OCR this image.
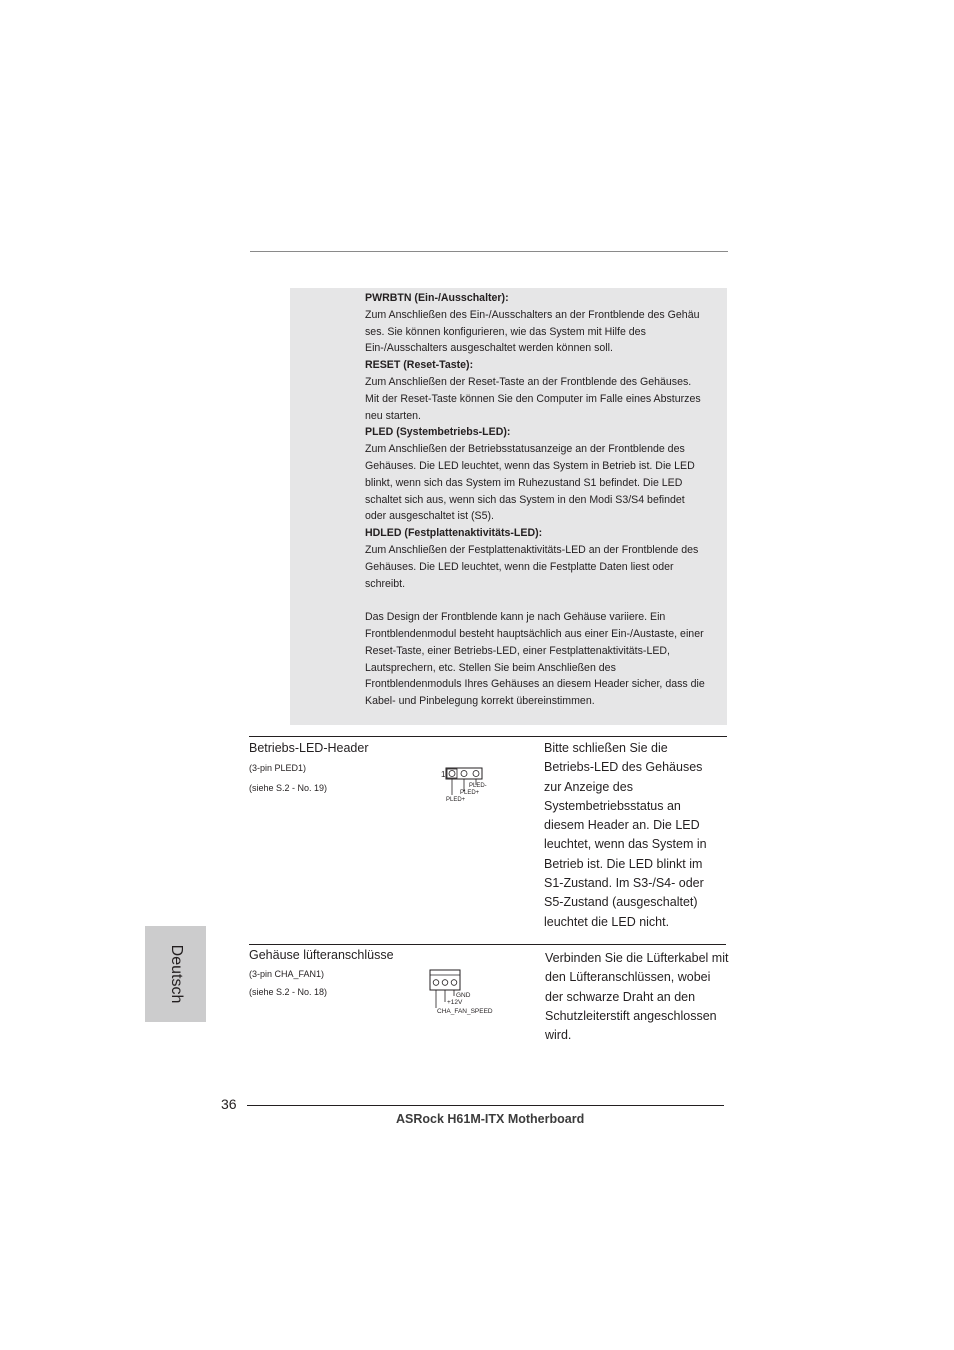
PWRBTN (Ein-/Ausschalter):

Zum Anschließen des Ein-/Ausschalters an der Frontblende des Gehäu

ses. Sie können konfigurieren, wie das System mit Hilfe des

Ein-/Ausschalters ausgeschaltet werden können soll.

RESET (Reset-Taste):

Zum Anschließen der Reset-Taste an der Frontblende des Gehäuses.

Mit der Reset-Taste können Sie den Computer im Falle eines Absturzes

neu starten.

PLED (Systembetriebs-LED):

Zum Anschließen der Betriebsstatusanzeige an der Frontblende des

Gehäuses. Die LED leuchtet, wenn das System in Betrieb ist. Die LED

blinkt, wenn sich das System im Ruhezustand S1 befindet. Die LED

schaltet sich aus, wenn sich das System in den Modi S3/S4 befindet

oder ausgeschaltet ist (S5).

HDLED (Festplattenaktivitäts-LED):

Zum Anschließen der Festplattenaktivitäts-LED an der Frontblende des

Gehäuses. Die LED leuchtet, wenn die Festplatte Daten liest oder

schreibt.

Das Design der Frontblende kann je nach Gehäuse variiere. Ein

Frontblendenmodul besteht hauptsächlich aus einer Ein-/Austaste, einer

Reset-Taste, einer Betriebs-LED, einer Festplattenaktivitäts-LED,

Lautsprechern, etc. Stellen Sie beim Anschließen des

Frontblendenmoduls Ihres Gehäuses an diesem Header sicher, dass die

Kabel- und Pinbelegung korrekt übereinstimmen.

Betriebs-LED-Header
(3-pin PLED1)
(siehe S.2 - No. 19)
1
PLED-
PLED+
PLED+

Bitte schließen Sie die

Betriebs-LED des Gehäuses

zur Anzeige des

Systembetriebsstatus an

diesem Header an. Die LED

leuchtet, wenn das System in

Betrieb ist. Die LED blinkt im

S1-Zustand. Im S3-/S4- oder

S5-Zustand (ausgeschaltet)

leuchtet die LED nicht.

Gehäuse lüfteranschlüsse
(3-pin CHA_FAN1)
(siehe S.2 - No. 18)	GND
+12V
CHA_FAN_SPEED

Verbinden Sie die Lüfterkabel mit

den Lüfteranschlüssen, wobei

der schwarze Draht an den

Schutzleiterstift angeschlossen

wird.

Deutsch
36
ASRock H61M-ITX Motherboard
